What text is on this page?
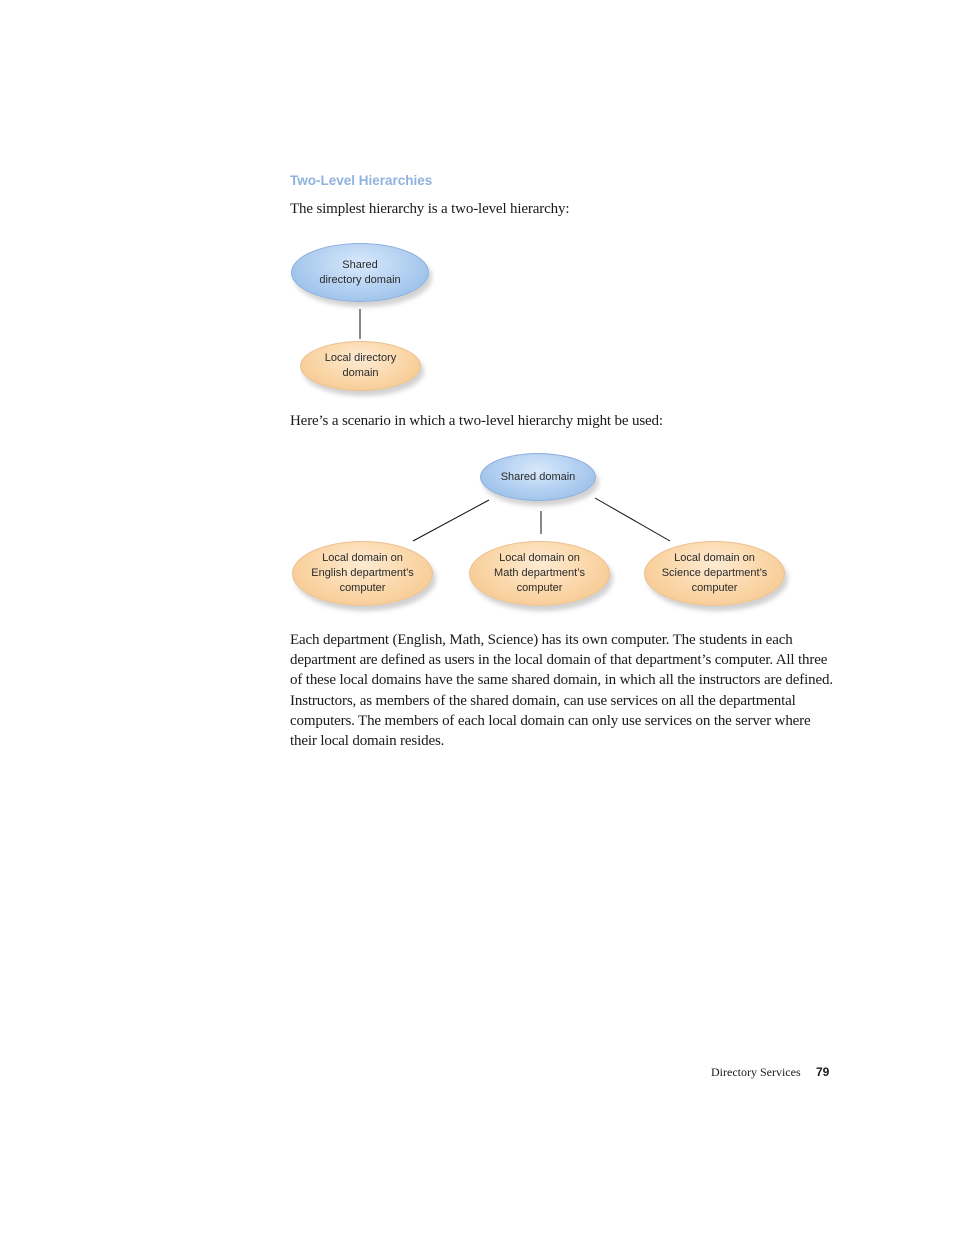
Two-Level Hierarchies
The simplest hierarchy is a two-level hierarchy:
Shared
directory domain
Local directory
domain
Here’s a scenario in which a two-level hierarchy might be used:
Shared domain
Local domain on
English department’s
computer
Local domain on
Math department’s
computer
Local domain on
Science department’s
computer
Each department (English, Math, Science) has its own computer. The students in each department are defined as users in the local domain of that department’s computer. All three of these local domains have the same shared domain, in which all the instructors are defined. Instructors, as members of the shared domain, can use services on all the departmental computers. The members of each local domain can only use services on the server where their local domain resides.
Directory Services 79
